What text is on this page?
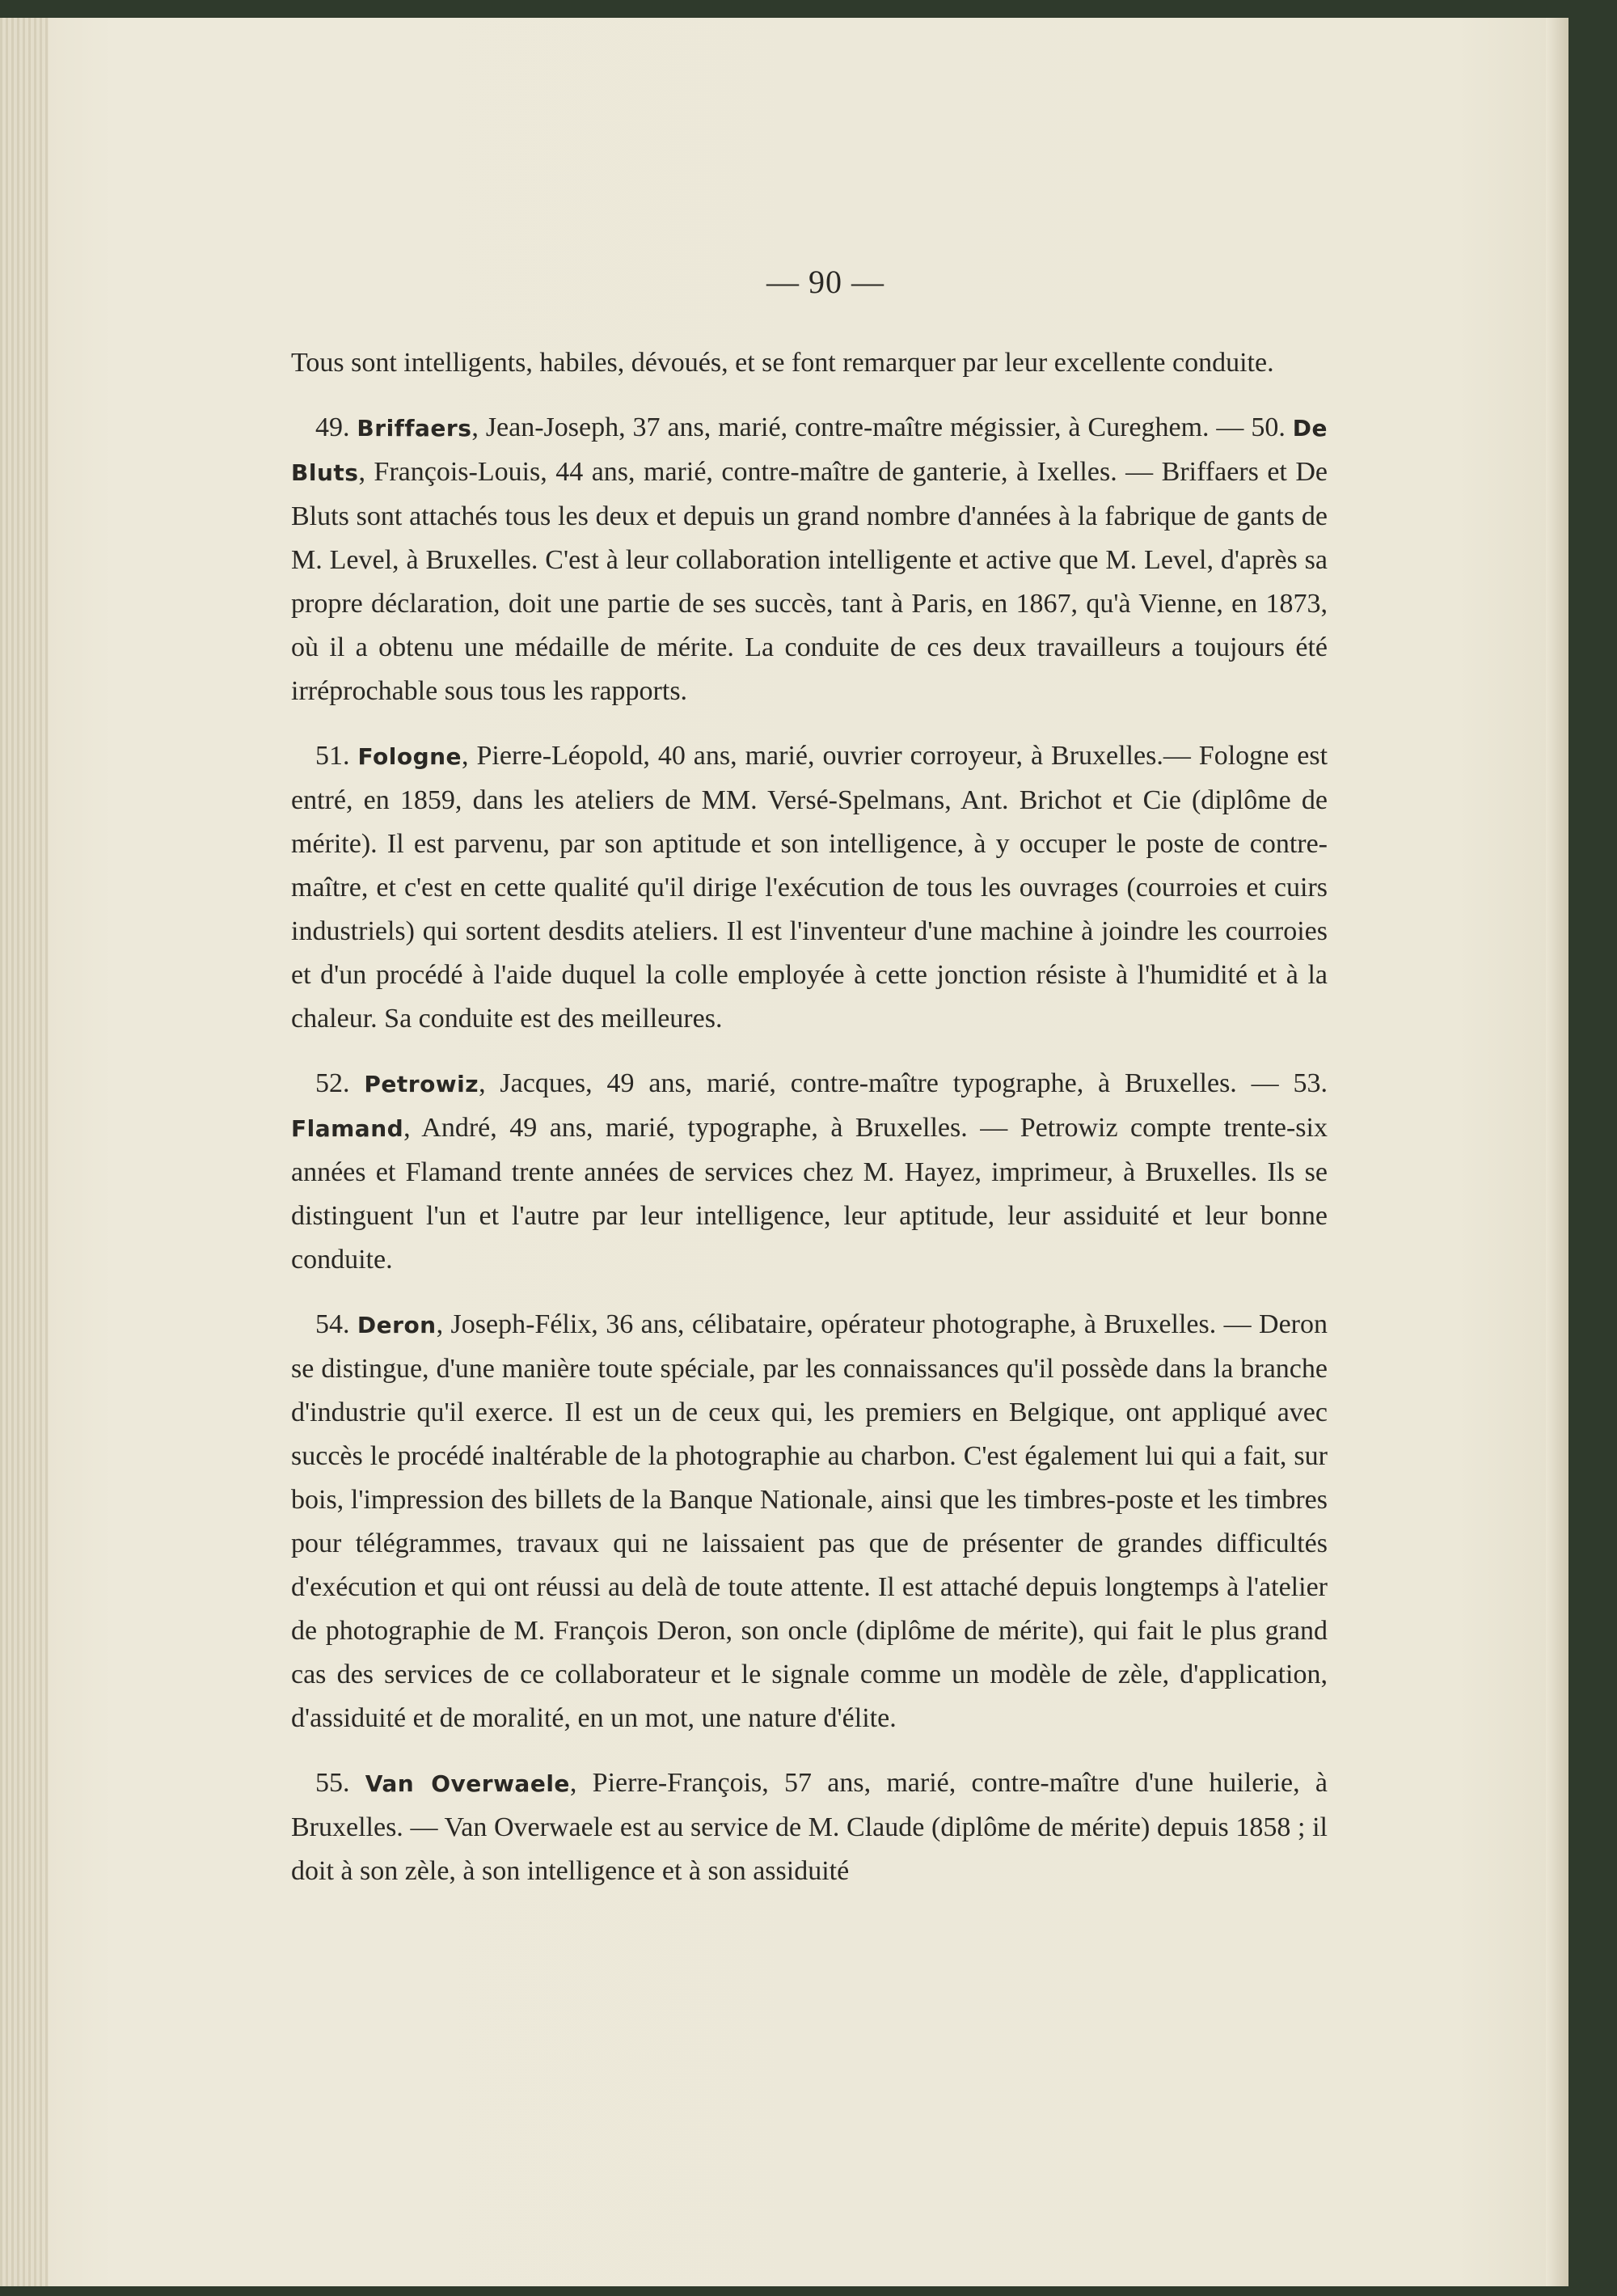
— 90 —

Tous sont intelligents, habiles, dévoués, et se font remarquer par leur excellente conduite.

49. Briffaers, Jean-Joseph, 37 ans, marié, contre-maître mégissier, à Cureghem. — 50. De Bluts, François-Louis, 44 ans, marié, contre-maître de ganterie, à Ixelles. — Briffaers et De Bluts sont attachés tous les deux et depuis un grand nombre d'années à la fabrique de gants de M. Level, à Bruxelles. C'est à leur collaboration intelligente et active que M. Level, d'après sa propre déclaration, doit une partie de ses succès, tant à Paris, en 1867, qu'à Vienne, en 1873, où il a obtenu une médaille de mérite. La conduite de ces deux travailleurs a toujours été irréprochable sous tous les rapports.

51. Fologne, Pierre-Léopold, 40 ans, marié, ouvrier corroyeur, à Bruxelles.— Fologne est entré, en 1859, dans les ateliers de MM. Versé-Spelmans, Ant. Brichot et Cie (diplôme de mérite). Il est parvenu, par son aptitude et son intelligence, à y occuper le poste de contre-maître, et c'est en cette qualité qu'il dirige l'exécution de tous les ouvrages (courroies et cuirs industriels) qui sortent desdits ateliers. Il est l'inventeur d'une machine à joindre les courroies et d'un procédé à l'aide duquel la colle employée à cette jonction résiste à l'humidité et à la chaleur. Sa conduite est des meilleures.

52. Petrowiz, Jacques, 49 ans, marié, contre-maître typographe, à Bruxelles. — 53. Flamand, André, 49 ans, marié, typographe, à Bruxelles. — Petrowiz compte trente-six années et Flamand trente années de services chez M. Hayez, imprimeur, à Bruxelles. Ils se distinguent l'un et l'autre par leur intelligence, leur aptitude, leur assiduité et leur bonne conduite.

54. Deron, Joseph-Félix, 36 ans, célibataire, opérateur photographe, à Bruxelles. — Deron se distingue, d'une manière toute spéciale, par les connaissances qu'il possède dans la branche d'industrie qu'il exerce. Il est un de ceux qui, les premiers en Belgique, ont appliqué avec succès le procédé inaltérable de la photographie au charbon. C'est également lui qui a fait, sur bois, l'impression des billets de la Banque Nationale, ainsi que les timbres-poste et les timbres pour télégrammes, travaux qui ne laissaient pas que de présenter de grandes difficultés d'exécution et qui ont réussi au delà de toute attente. Il est attaché depuis longtemps à l'atelier de photographie de M. François Deron, son oncle (diplôme de mérite), qui fait le plus grand cas des services de ce collaborateur et le signale comme un modèle de zèle, d'application, d'assiduité et de moralité, en un mot, une nature d'élite.

55. Van Overwaele, Pierre-François, 57 ans, marié, contre-maître d'une huilerie, à Bruxelles. — Van Overwaele est au service de M. Claude (diplôme de mérite) depuis 1858 ; il doit à son zèle, à son intelligence et à son assiduité
